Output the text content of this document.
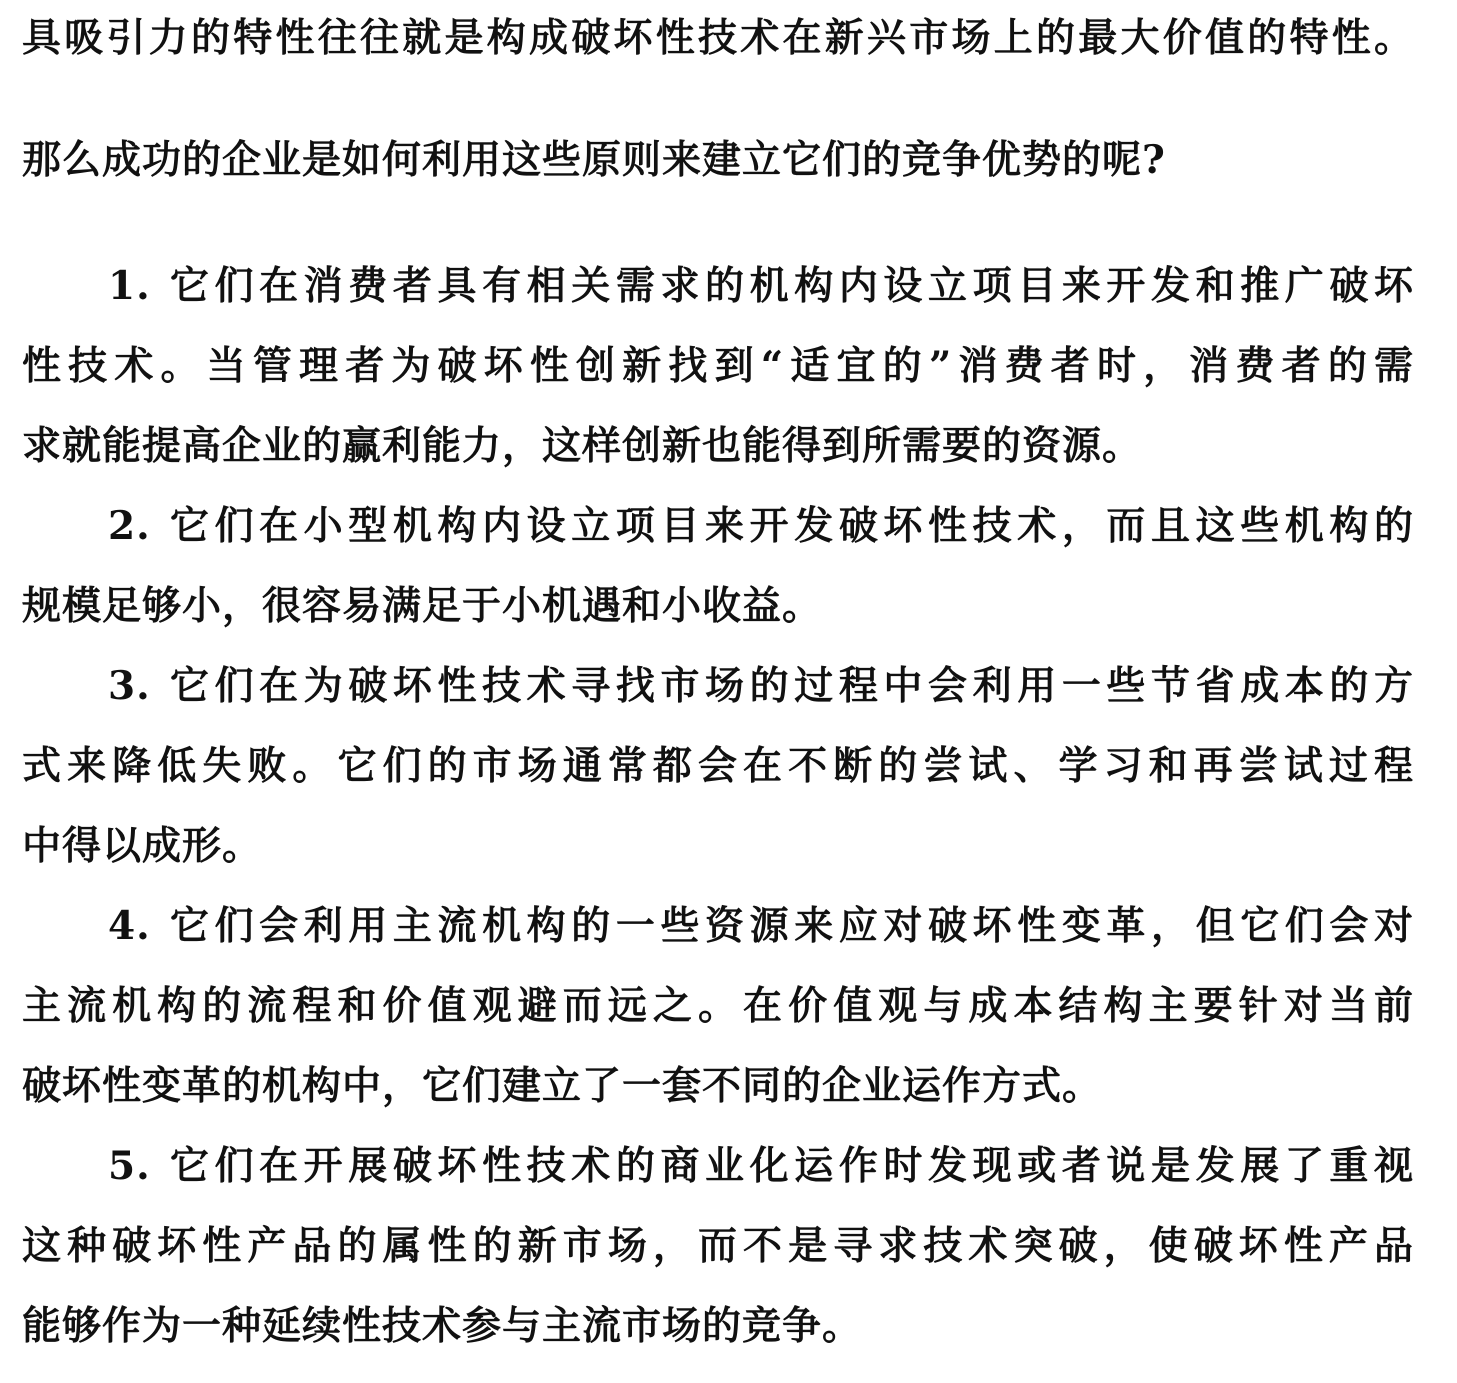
具吸引力的特性往往就是构成破坏性技术在新兴市场上的最大价值的特性。
那么成功的企业是如何利用这些原则来建立它们的竞争优势的呢?
1. 它们在消费者具有相关需求的机构内设立项目来开发和推广破坏
性技术。当管理者为破坏性创新找到“适宜的”消费者时，消费者的需
求就能提高企业的赢利能力，这样创新也能得到所需要的资源。
2. 它们在小型机构内设立项目来开发破坏性技术，而且这些机构的
规模足够小，很容易满足于小机遇和小收益。
3. 它们在为破坏性技术寻找市场的过程中会利用一些节省成本的方
式来降低失败。它们的市场通常都会在不断的尝试、学习和再尝试过程
中得以成形。
4. 它们会利用主流机构的一些资源来应对破坏性变革，但它们会对
主流机构的流程和价值观避而远之。在价值观与成本结构主要针对当前
破坏性变革的机构中，它们建立了一套不同的企业运作方式。
5. 它们在开展破坏性技术的商业化运作时发现或者说是发展了重视
这种破坏性产品的属性的新市场，而不是寻求技术突破，使破坏性产品
能够作为一种延续性技术参与主流市场的竞争。
